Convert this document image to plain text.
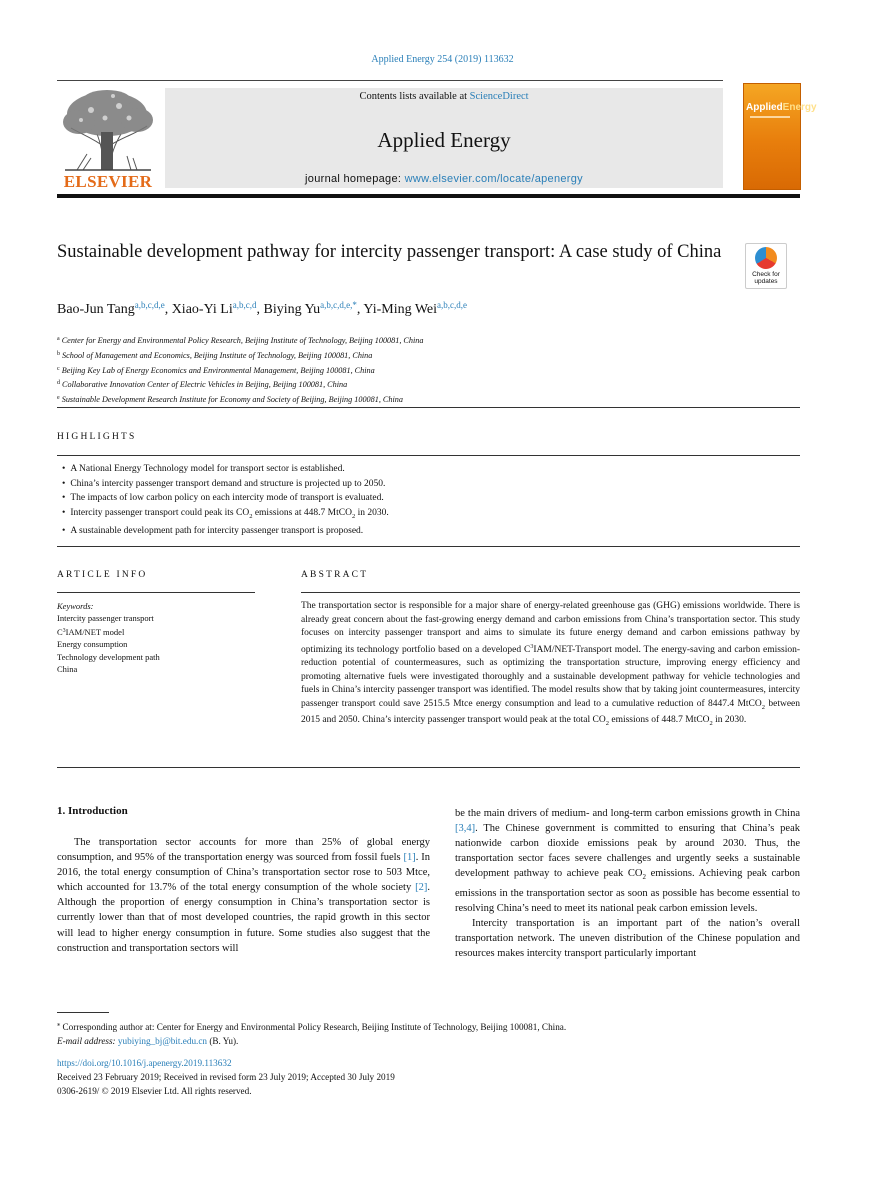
Applied Energy 254 (2019) 113632
ELSEVIER
Contents lists available at ScienceDirect
Applied Energy
journal homepage: www.elsevier.com/locate/apenergy
AppliedEnergy
Sustainable development pathway for intercity passenger transport: A case study of China
Check for updates
Bao-Jun Tang$^{a,b,c,d,e}$, Xiao-Yi Li$^{a,b,c,d}$, Biying $Yu^{a,b,c,d,e,*}$, Yi-Ming Wei$^{a,b,c,d,e}$
$^a$ Center for Energy and Environmental Policy Research, Beijing Institute of Technology, Beijing 100081, China
$^b$ School of Management and Economics, Beijing Institute of Technology, Beijing 100081, China
$^c$ Beijing Key Lab of Energy Economics and Environmental Management, Beijing 100081, China
$^d$ Collaborative Innovation Center of Electric Vehicles in Beijing, Beijing 100081, China
$^e$ Sustainable Development Research Institute for Economy and Society of Beijing, Beijing 100081, China
HIGHLIGHTS
• A National Energy Technology model for transport sector is established.
• China’s intercity passenger transport demand and structure is projected up to 2050.
• The impacts of low carbon policy on each intercity mode of transport is evaluated.
• Intercity passenger transport could peak its $CO_2$ emissions at 448.7 MtCO$_2$ in 2030.
• A sustainable development path for intercity passenger transport is proposed.
ARTICLE INFO	ABSTRACT
Keywords:
Intercity passenger transport
$C^3IAM$/NET model
Energy consumption
Technology development path
China
The transportation sector is responsible for a major share of energy-related greenhouse gas (GHG) emissions worldwide. There is already great concern about the fast-growing energy demand and carbon emissions from China’s transportation sector. This study focuses on intercity passenger transport and aims to simulate its future energy demand and carbon emissions pathway by optimizing its technology portfolio based on a developed $C^3IAM/NET$-Transport model. The energy-saving and carbon emission-reduction potential of countermeasures, such as optimizing the transportation structure, improving energy efficiency and promoting alternative fuels were investigated thoroughly and a sustainable development pathway for vehicle technologies and fuels in China’s intercity passenger transport was identified. The model results show that by taking joint countermeasures, intercity passenger transport could save 2515.5 Mtce energy consumption and lead to a cumulative reduction of 8447.4 MtCO$_2$ between 2015 and 2050. China’s intercity passenger transport would peak at the total $CO_2$ emissions of 448.7 MtCO$_2$ in 2030.
1. Introduction

The transportation sector accounts for more than 25% of global energy consumption, and 95% of the transportation energy was sourced from fossil fuels [1]. In 2016, the total energy consumption of China’s transportation sector rose to 503 Mtce, which accounted for 13.7% of the total energy consumption of the whole society [2]. Although the proportion of energy consumption in China’s transportation sector is currently lower than that of most developed countries, the rapid growth in this sector will lead to higher energy consumption in future. Some studies also suggest that the construction and transportation sectors will

be the main drivers of medium- and long-term carbon emissions growth in China [3,4]. The Chinese government is committed to ensuring that China’s peak nationwide carbon dioxide emissions peak by around 2030. Thus, the transportation sector faces severe challenges and urgently seeks a sustainable development pathway to achieve peak $CO_2$ emissions. Achieving peak carbon emissions in the transportation sector as soon as possible has become essential to resolving China’s need to meet its national peak carbon emission levels.

Intercity transportation is an important part of the nation’s overall transportation network. The uneven distribution of the Chinese population and resources makes intercity transport particularly important

⁎ Corresponding author at: Center for Energy and Environmental Policy Research, Beijing Institute of Technology, Beijing 100081, China.
E-mail address: yubiying_bj@bit.edu.cn (B. Yu).
https://doi.org/10.1016/j.apenergy.2019.113632
Received 23 February 2019; Received in revised form 23 July 2019; Accepted 30 July 2019
0306-2619/ © 2019 Elsevier Ltd. All rights reserved.
